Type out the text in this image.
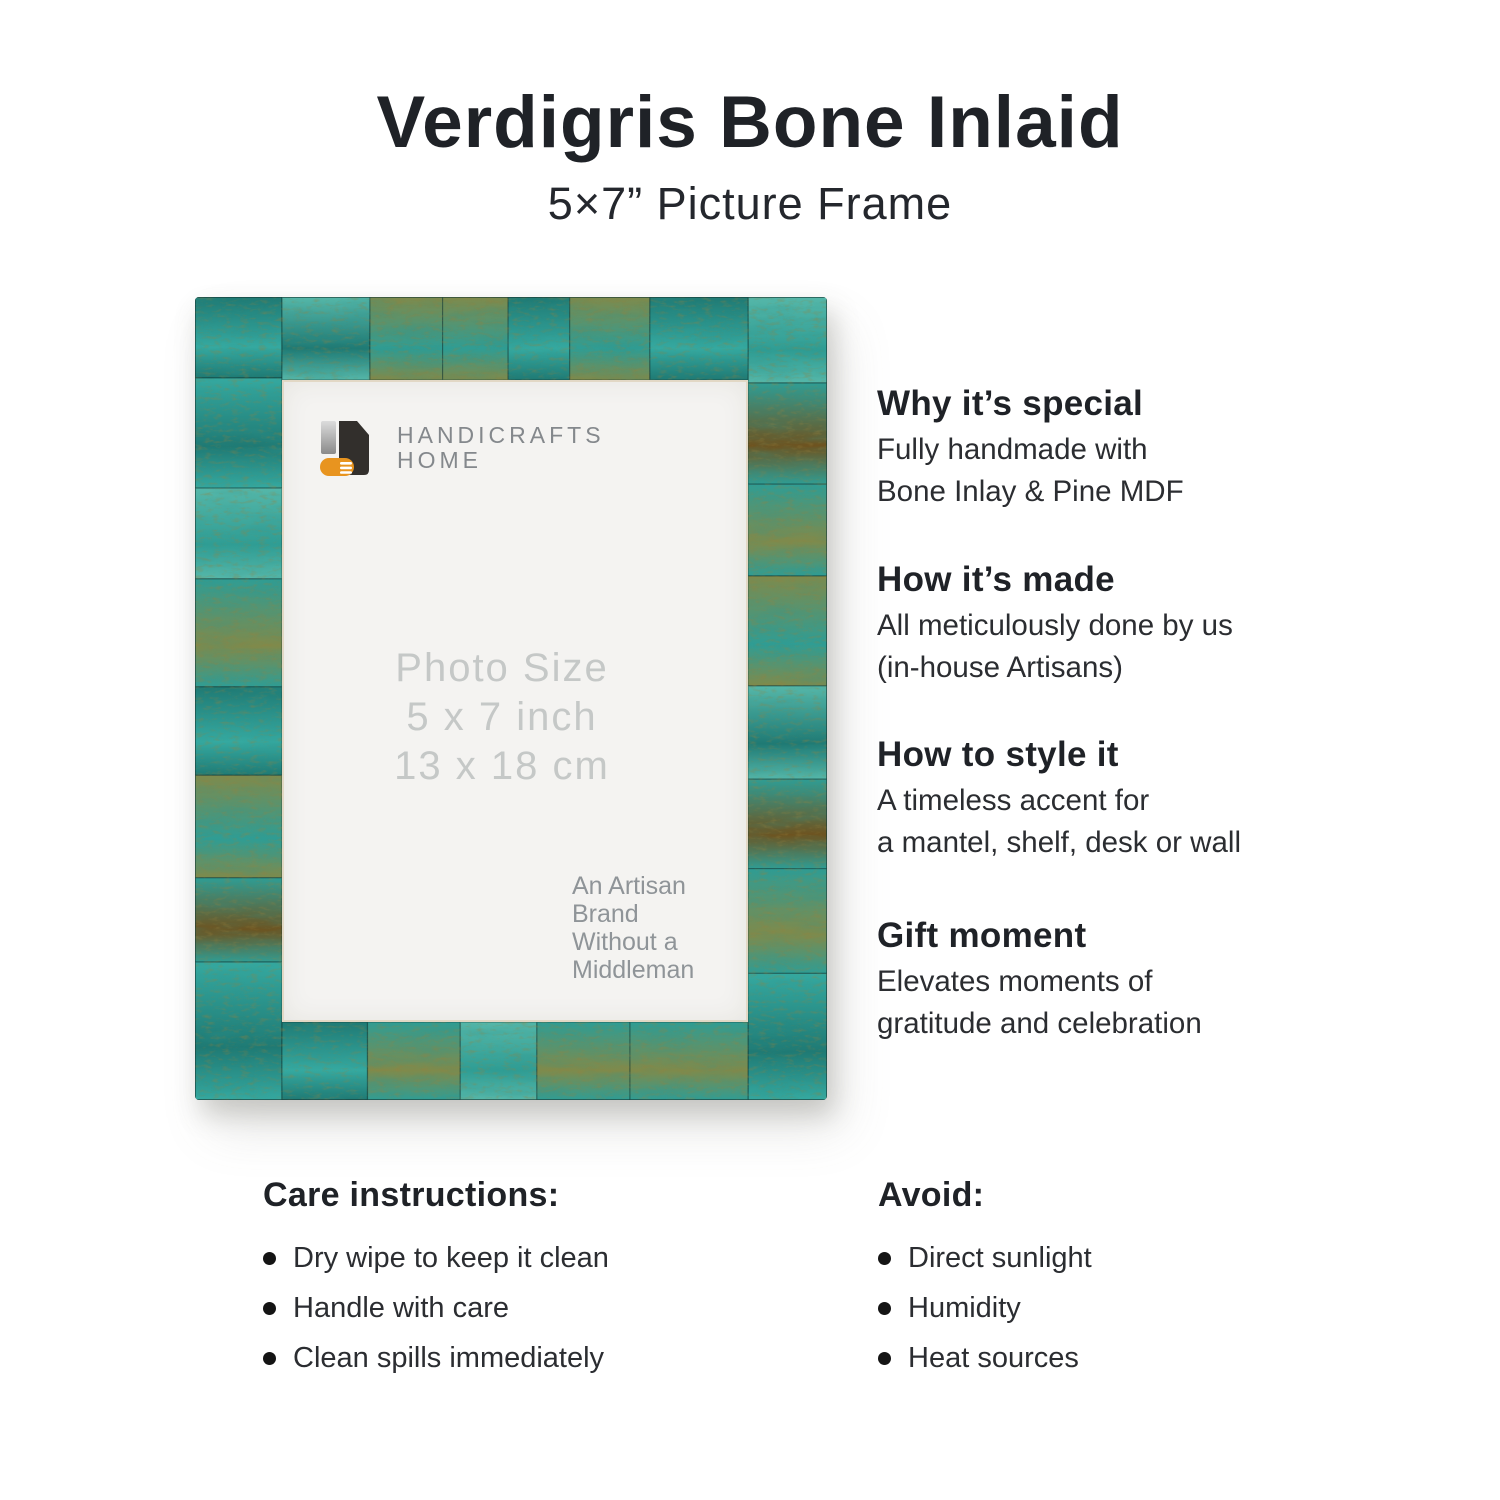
Verdigris Bone Inlaid
5×7” Picture Frame
HANDICRAFTS
HOME
Photo Size
5 x 7 inch
13 x 18 cm
An Artisan
Brand
Without a
Middleman
Why it’s special

Fully handmade with
Bone Inlay & Pine MDF

How it’s made

All meticulously done by us
(in-house Artisans)

How to style it

A timeless accent for
a mantel, shelf, desk or wall

Gift moment

Elevates moments of
gratitude and celebration

Care instructions:
Dry wipe to keep it clean
Handle with care
Clean spills immediately
Avoid:
Direct sunlight
Humidity
Heat sources
